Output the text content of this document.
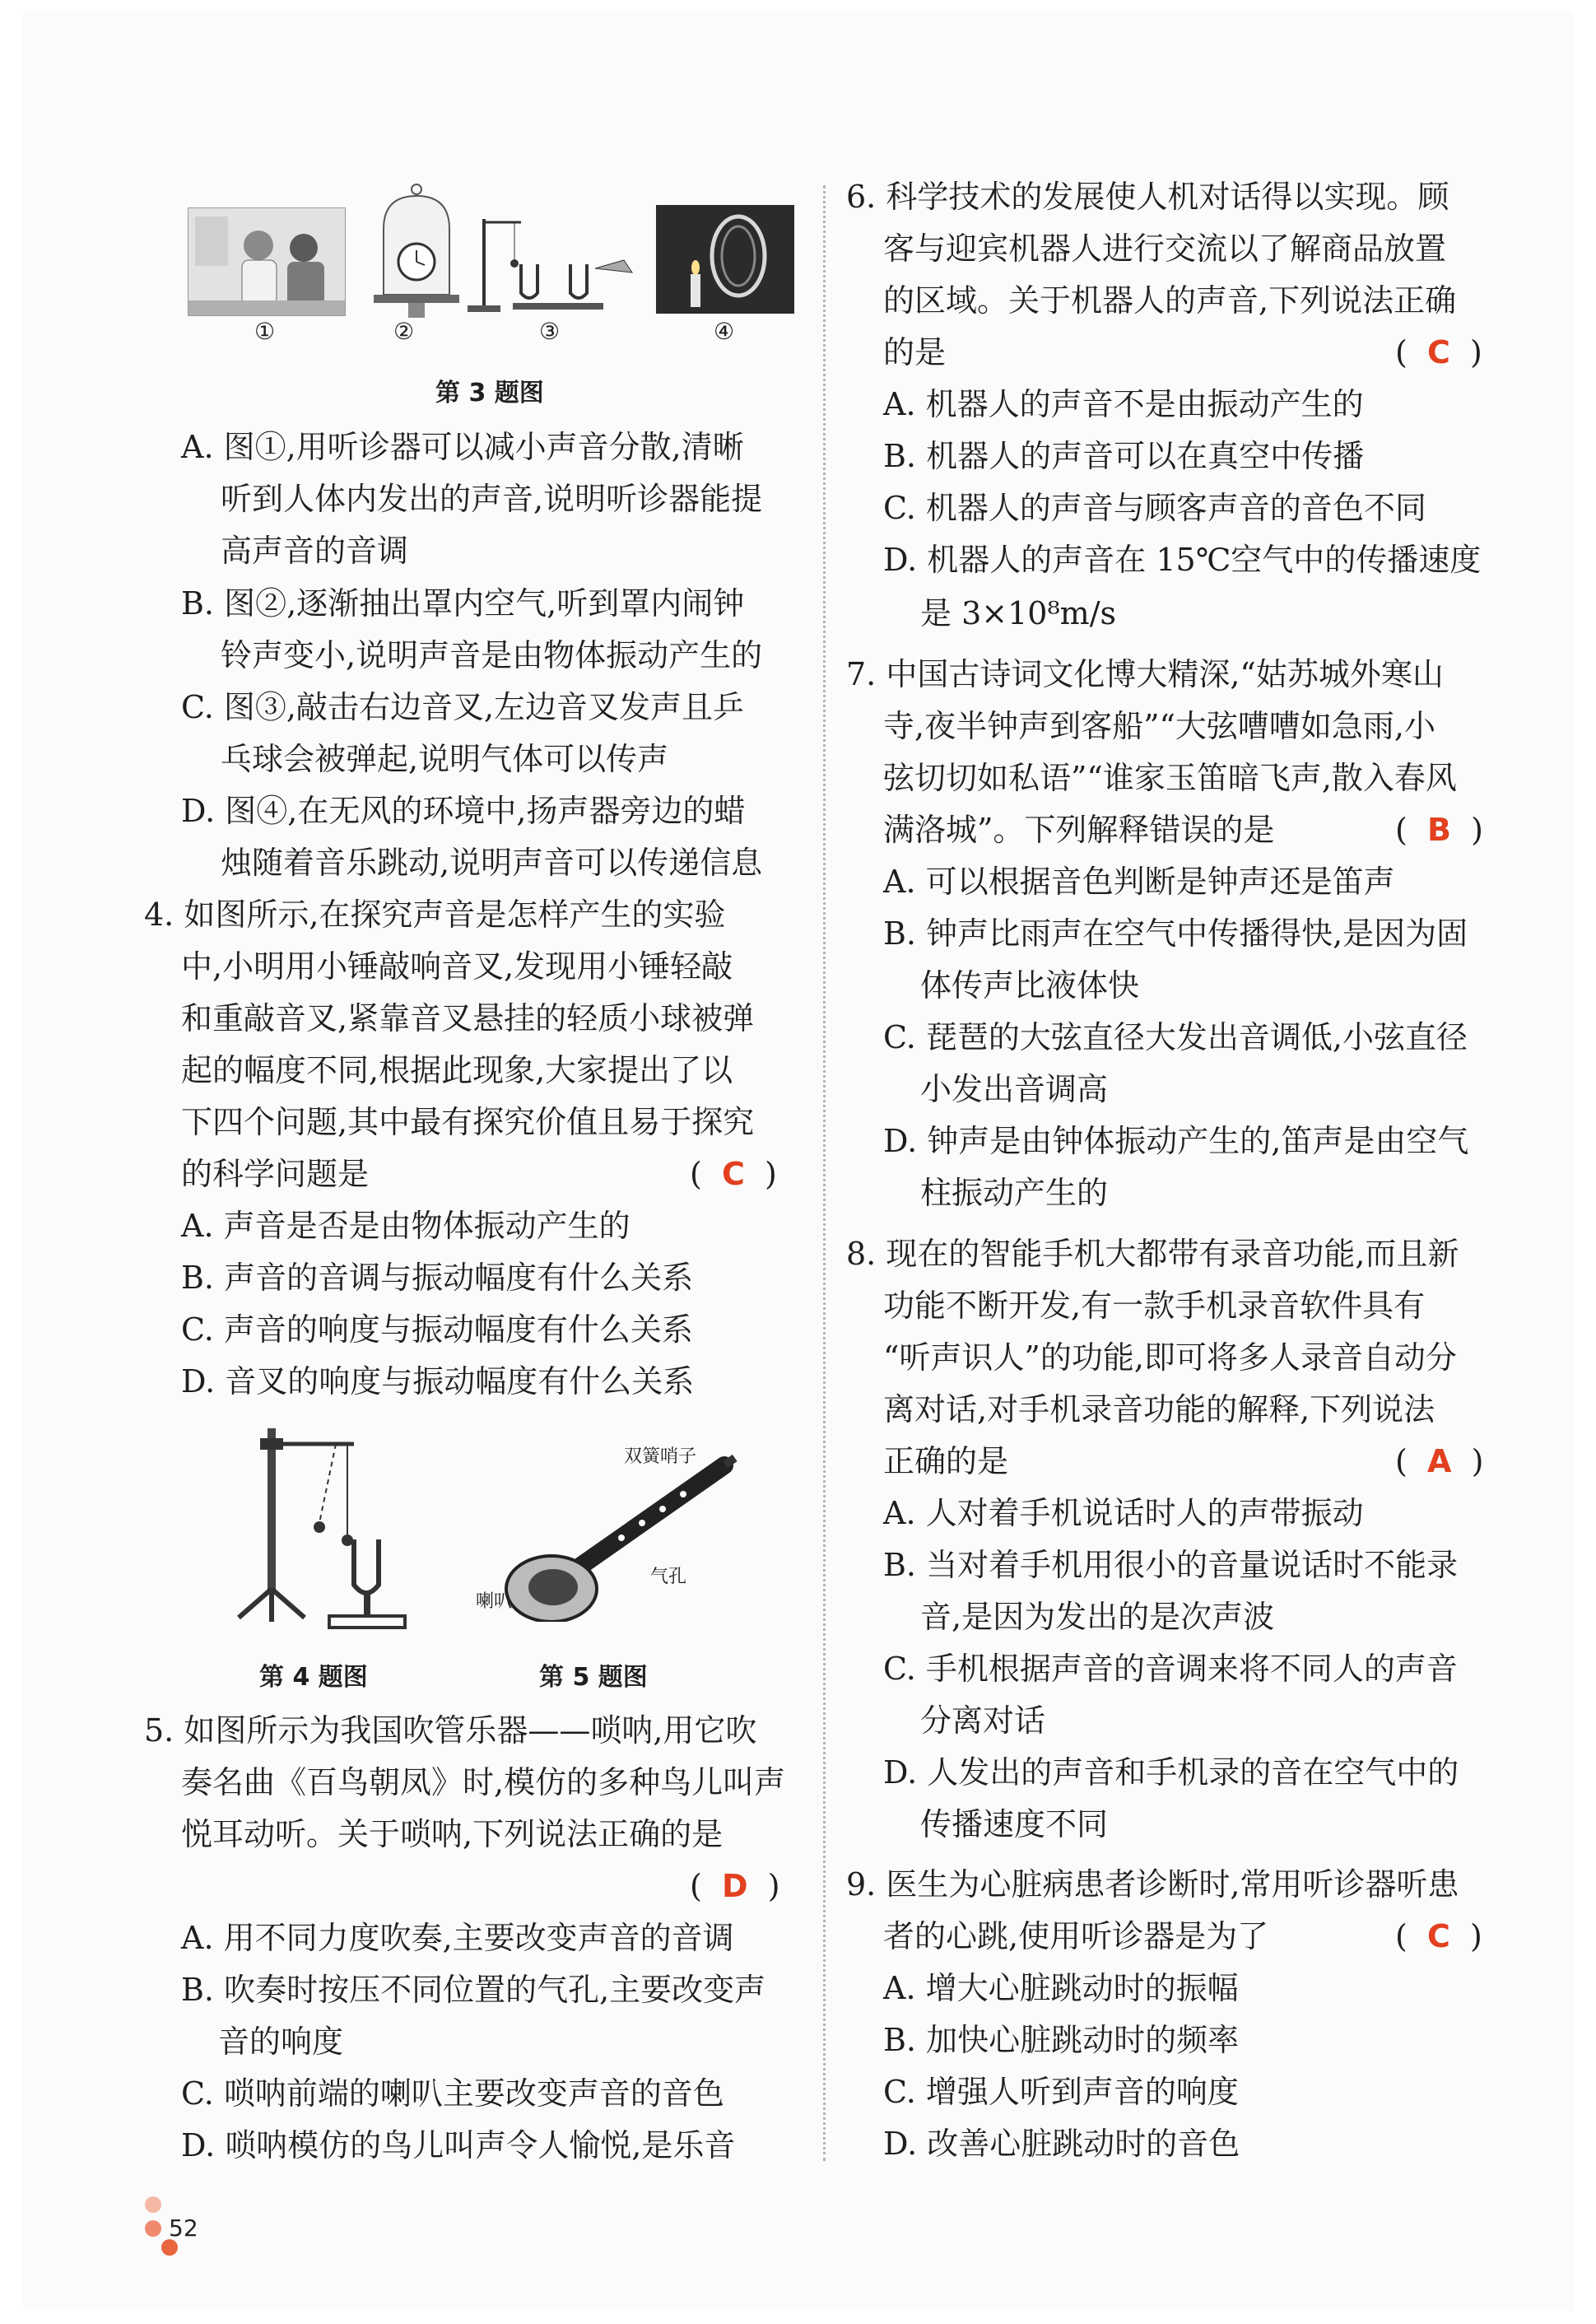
①	②	③	④
第 3 题图
A. 图①,用听诊器可以减小声音分散,清晰
听到人体内发出的声音,说明听诊器能提
高声音的音调
B. 图②,逐渐抽出罩内空气,听到罩内闹钟
铃声变小,说明声音是由物体振动产生的
C. 图③,敲击右边音叉,左边音叉发声且乒
乓球会被弹起,说明气体可以传声
D. 图④,在无风的环境中,扬声器旁边的蜡
烛随着音乐跳动,说明声音可以传递信息
4. 如图所示,在探究声音是怎样产生的实验
中,小明用小锤敲响音叉,发现用小锤轻敲
和重敲音叉,紧靠音叉悬挂的轻质小球被弹
起的幅度不同,根据此现象,大家提出了以
下四个问题,其中最有探究价值且易于探究
的科学问题是	(  C  )
A. 声音是否是由物体振动产生的
B. 声音的音调与振动幅度有什么关系
C. 声音的响度与振动幅度有什么关系
D. 音叉的响度与振动幅度有什么关系
双簧哨子
气孔
喇叭
第 4 题图	第 5 题图
5. 如图所示为我国吹管乐器——唢呐,用它吹
奏名曲《百鸟朝凤》时,模仿的多种鸟儿叫声
悦耳动听。关于唢呐,下列说法正确的是
(  D  )
A. 用不同力度吹奏,主要改变声音的音调
B. 吹奏时按压不同位置的气孔,主要改变声
音的响度
C. 唢呐前端的喇叭主要改变声音的音色
D. 唢呐模仿的鸟儿叫声令人愉悦,是乐音
6. 科学技术的发展使人机对话得以实现。顾
客与迎宾机器人进行交流以了解商品放置
的区域。关于机器人的声音,下列说法正确
的是	(  C  )
A. 机器人的声音不是由振动产生的
B. 机器人的声音可以在真空中传播
C. 机器人的声音与顾客声音的音色不同
D. 机器人的声音在 15℃空气中的传播速度
是 3×10⁸m/s
7. 中国古诗词文化博大精深,“姑苏城外寒山
寺,夜半钟声到客船”“大弦嘈嘈如急雨,小
弦切切如私语”“谁家玉笛暗飞声,散入春风
满洛城”。下列解释错误的是	(  B  )
A. 可以根据音色判断是钟声还是笛声
B. 钟声比雨声在空气中传播得快,是因为固
体传声比液体快
C. 琵琶的大弦直径大发出音调低,小弦直径
小发出音调高
D. 钟声是由钟体振动产生的,笛声是由空气
柱振动产生的
8. 现在的智能手机大都带有录音功能,而且新
功能不断开发,有一款手机录音软件具有
“听声识人”的功能,即可将多人录音自动分
离对话,对手机录音功能的解释,下列说法
正确的是	(  A  )
A. 人对着手机说话时人的声带振动
B. 当对着手机用很小的音量说话时不能录
音,是因为发出的是次声波
C. 手机根据声音的音调来将不同人的声音
分离对话
D. 人发出的声音和手机录的音在空气中的
传播速度不同
9. 医生为心脏病患者诊断时,常用听诊器听患
者的心跳,使用听诊器是为了	(  C  )
A. 增大心脏跳动时的振幅
B. 加快心脏跳动时的频率
C. 增强人听到声音的响度
D. 改善心脏跳动时的音色
52
